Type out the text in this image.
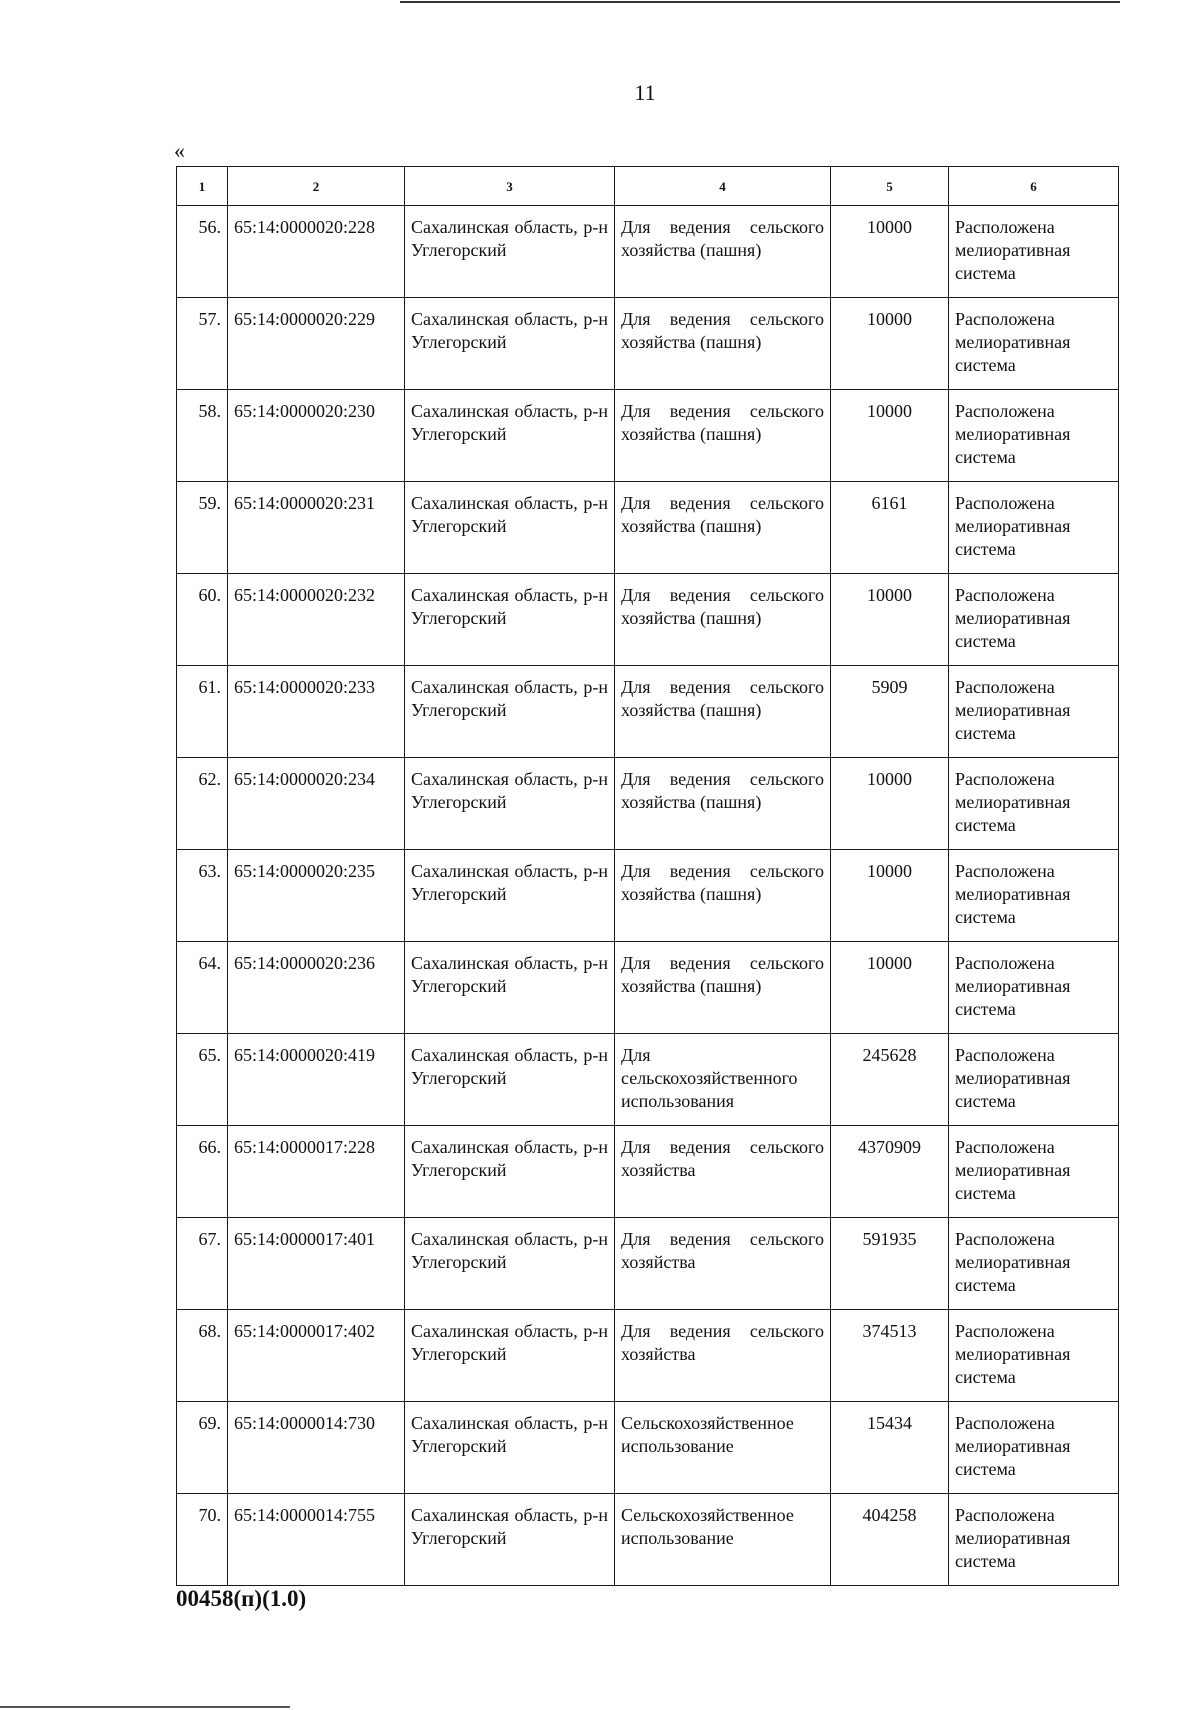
11
«
1	2	3	4	5	6
56.	65:14:0000020:228	Сахалинская область, р-н Углегорский	Для ведения сельского хозяйства (пашня)	10000	Расположена мелиоративная система
57.	65:14:0000020:229	Сахалинская область, р-н Углегорский	Для ведения сельского хозяйства (пашня)	10000	Расположена мелиоративная система
58.	65:14:0000020:230	Сахалинская область, р-н Углегорский	Для ведения сельского хозяйства (пашня)	10000	Расположена мелиоративная система
59.	65:14:0000020:231	Сахалинская область, р-н Углегорский	Для ведения сельского хозяйства (пашня)	6161	Расположена мелиоративная система
60.	65:14:0000020:232	Сахалинская область, р-н Углегорский	Для ведения сельского хозяйства (пашня)	10000	Расположена мелиоративная система
61.	65:14:0000020:233	Сахалинская область, р-н Углегорский	Для ведения сельского хозяйства (пашня)	5909	Расположена мелиоративная система
62.	65:14:0000020:234	Сахалинская область, р-н Углегорский	Для ведения сельского хозяйства (пашня)	10000	Расположена мелиоративная система
63.	65:14:0000020:235	Сахалинская область, р-н Углегорский	Для ведения сельского хозяйства (пашня)	10000	Расположена мелиоративная система
64.	65:14:0000020:236	Сахалинская область, р-н Углегорский	Для ведения сельского хозяйства (пашня)	10000	Расположена мелиоративная система
65.	65:14:0000020:419	Сахалинская область, р-н Углегорский	Для сельскохозяйственного использования	245628	Расположена мелиоративная система
66.	65:14:0000017:228	Сахалинская область, р-н Углегорский	Для ведения сельского хозяйства	4370909	Расположена мелиоративная система
67.	65:14:0000017:401	Сахалинская область, р-н Углегорский	Для ведения сельского хозяйства	591935	Расположена мелиоративная система
68.	65:14:0000017:402	Сахалинская область, р-н Углегорский	Для ведения сельского хозяйства	374513	Расположена мелиоративная система
69.	65:14:0000014:730	Сахалинская область, р-н Углегорский	Сельскохозяйственное использование	15434	Расположена мелиоративная система
70.	65:14:0000014:755	Сахалинская область, р-н Углегорский	Сельскохозяйственное использование	404258	Расположена мелиоративная система
00458(п)(1.0)
